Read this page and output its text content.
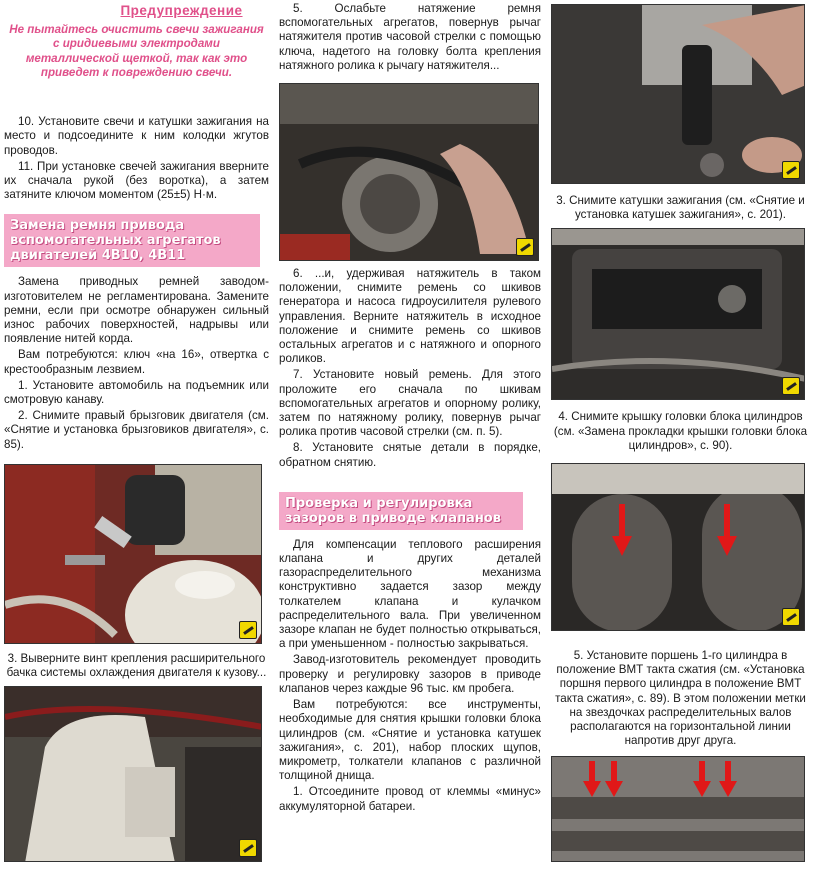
Предупреждение
Не пытайтесь очистить свечи зажигания с иридиевыми электродами металлической щеткой, так как это приведет к повреждению свечи.

10. Установите свечи и катушки зажигания на место и подсоедините к ним колодки жгутов проводов.

11. При установке свечей зажигания вверните их сначала рукой (без воротка), а затем затяните ключом моментом (25±5) Н·м.

Замена ремня привода вспомогательных агрегатов двигателей 4B10, 4B11

Замена приводных ремней заводом-изготовителем не регламентирована. Замените ремни, если при осмотре обнаружен сильный износ рабочих поверхностей, надрывы или появление нитей корда.

Вам потребуются: ключ «на 16», отвертка с крестообразным лезвием.

1. Установите автомобиль на подъемник или смотровую канаву.

2. Снимите правый брызговик двигателя (см. «Снятие и установка брызговиков двигателя», с. 85).

3. Выверните винт крепления расширительного бачка системы охлаждения двигателя к кузову...

5. Ослабьте натяжение ремня вспомогательных агрегатов, повернув рычаг натяжителя против часовой стрелки с помощью ключа, надетого на головку болта крепления натяжного ролика к рычагу натяжителя...

6. ...и, удерживая натяжитель в таком положении, снимите ремень со шкивов генератора и насоса гидроусилителя рулевого управления. Верните натяжитель в исходное положение и снимите ремень со шкивов остальных агрегатов и с натяжного и опорного роликов.

7. Установите новый ремень. Для этого проложите его сначала по шкивам вспомогательных агрегатов и опорному ролику, затем по натяжному ролику, повернув рычаг ролика против часовой стрелки (см. п. 5).

8. Установите снятые детали в порядке, обратном снятию.

Проверка и регулировка зазоров в приводе клапанов

Для компенсации теплового расширения клапана и других деталей газораспределительного механизма конструктивно задается зазор между толкателем клапана и кулачком распределительного вала. При увеличенном зазоре клапан не будет полностью открываться, а при уменьшенном - полностью закрываться.

Завод-изготовитель рекомендует проводить проверку и регулировку зазоров в приводе клапанов через каждые 96 тыс. км пробега.

Вам потребуются: все инструменты, необходимые для снятия крышки головки блока цилиндров (см. «Снятие и установка катушек зажигания», с. 201), набор плоских щупов, микрометр, толкатели клапанов с различной толщиной днища.

1. Отсоедините провод от клеммы «минус» аккумуляторной батареи.

3. Снимите катушки зажигания (см. «Снятие и установка катушек зажигания», с. 201).
4. Снимите крышку головки блока цилиндров (см. «Замена прокладки крышки головки блока цилиндров», с. 90).
5. Установите поршень 1-го цилиндра в положение ВМТ такта сжатия (см. «Установка поршня первого цилиндра в положение ВМТ такта сжатия», с. 89). В этом положении метки на звездочках распределительных валов располагаются на горизонтальной линии напротив друг друга.
